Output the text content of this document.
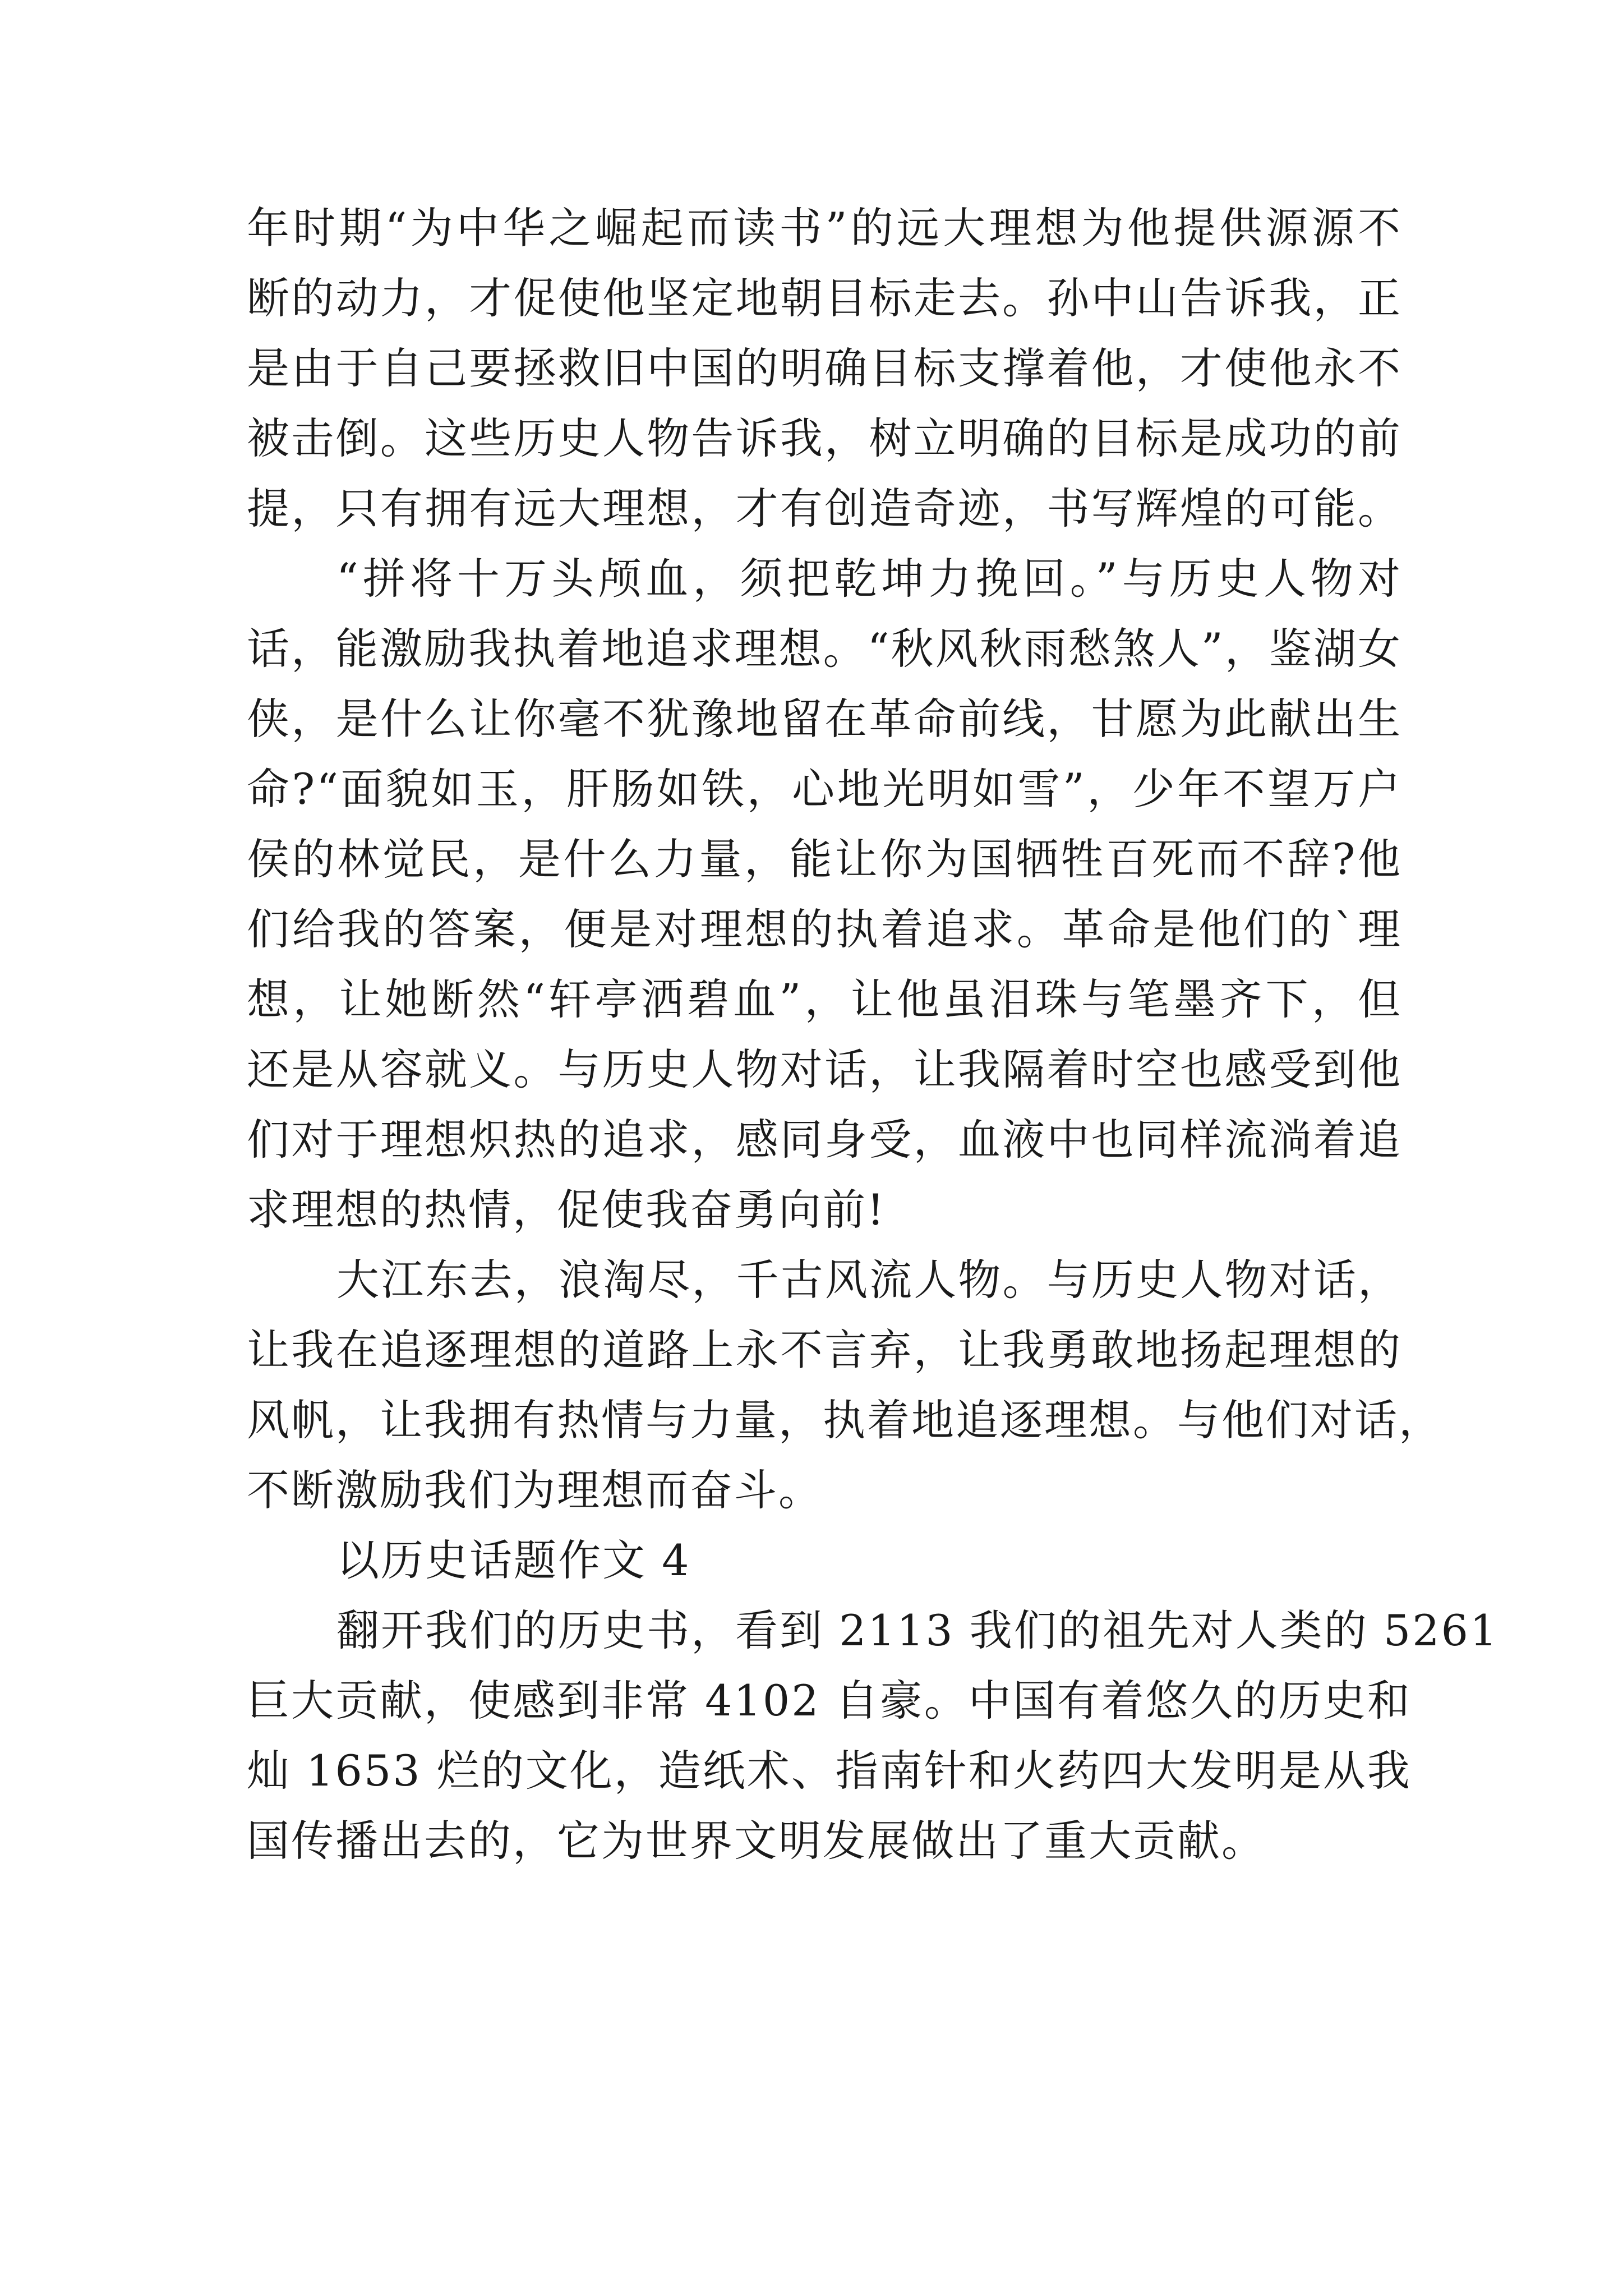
年时期“为中华之崛起而读书”的远大理想为他提供源源不
断的动力，才促使他坚定地朝目标走去。孙中山告诉我，正
是由于自己要拯救旧中国的明确目标支撑着他，才使他永不
被击倒。这些历史人物告诉我，树立明确的目标是成功的前
提，只有拥有远大理想，才有创造奇迹，书写辉煌的可能。
“拼将十万头颅血，须把乾坤力挽回。”与历史人物对
话，能激励我执着地追求理想。“秋风秋雨愁煞人”，鉴湖女
侠，是什么让你毫不犹豫地留在革命前线，甘愿为此献出生
命?“面貌如玉，肝肠如铁，心地光明如雪”，少年不望万户
侯的林觉民，是什么力量，能让你为国牺牲百死而不辞?他
们给我的答案，便是对理想的执着追求。革命是他们的`理
想，让她断然“轩亭洒碧血”，让他虽泪珠与笔墨齐下，但
还是从容就义。与历史人物对话，让我隔着时空也感受到他
们对于理想炽热的追求，感同身受，血液中也同样流淌着追
求理想的热情，促使我奋勇向前!
大江东去，浪淘尽，千古风流人物。与历史人物对话，
让我在追逐理想的道路上永不言弃，让我勇敢地扬起理想的
风帆，让我拥有热情与力量，执着地追逐理想。与他们对话，
不断激励我们为理想而奋斗。
以历史话题作文 4
翻开我们的历史书，看到 2113 我们的祖先对人类的 5261
巨大贡献，使感到非常 4102 自豪。中国有着悠久的历史和
灿 1653 烂的文化，造纸术、指南针和火药四大发明是从我
国传播出去的，它为世界文明发展做出了重大贡献。
